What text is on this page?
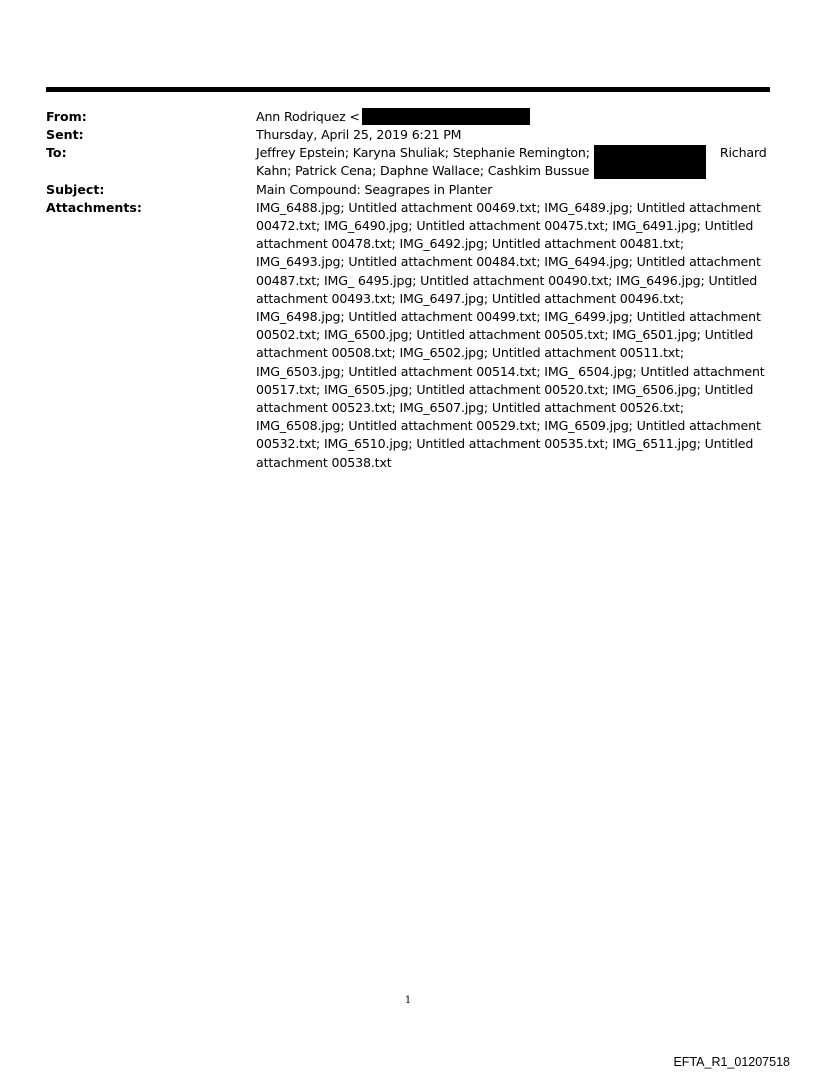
From:	Ann Rodriquez <
Sent:	Thursday, April 25, 2019 6:21 PM
To:	Jeffrey Epstein; Karyna Shuliak; Stephanie Remington;	Richard
Kahn; Patrick Cena; Daphne Wallace; Cashkim Bussue
Subject:	Main Compound: Seagrapes in Planter
Attachments:	IMG_6488.jpg; Untitled attachment 00469.txt; IMG_6489.jpg; Untitled attachment 00472.txt; IMG_6490.jpg; Untitled attachment 00475.txt; IMG_6491.jpg; Untitled attachment 00478.txt; IMG_6492.jpg; Untitled attachment 00481.txt; IMG_6493.jpg; Untitled attachment 00484.txt; IMG_6494.jpg; Untitled attachment 00487.txt; IMG_ 6495.jpg; Untitled attachment 00490.txt; IMG_6496.jpg; Untitled attachment 00493.txt; IMG_6497.jpg; Untitled attachment 00496.txt; IMG_6498.jpg; Untitled attachment 00499.txt; IMG_6499.jpg; Untitled attachment 00502.txt; IMG_6500.jpg; Untitled attachment 00505.txt; IMG_6501.jpg; Untitled attachment 00508.txt; IMG_6502.jpg; Untitled attachment 00511.txt; IMG_6503.jpg; Untitled attachment 00514.txt; IMG_ 6504.jpg; Untitled attachment 00517.txt; IMG_6505.jpg; Untitled attachment 00520.txt; IMG_6506.jpg; Untitled attachment 00523.txt; IMG_6507.jpg; Untitled attachment 00526.txt; IMG_6508.jpg; Untitled attachment 00529.txt; IMG_6509.jpg; Untitled attachment 00532.txt; IMG_6510.jpg; Untitled attachment 00535.txt; IMG_6511.jpg; Untitled attachment 00538.txt
1
EFTA_R1_01207518
